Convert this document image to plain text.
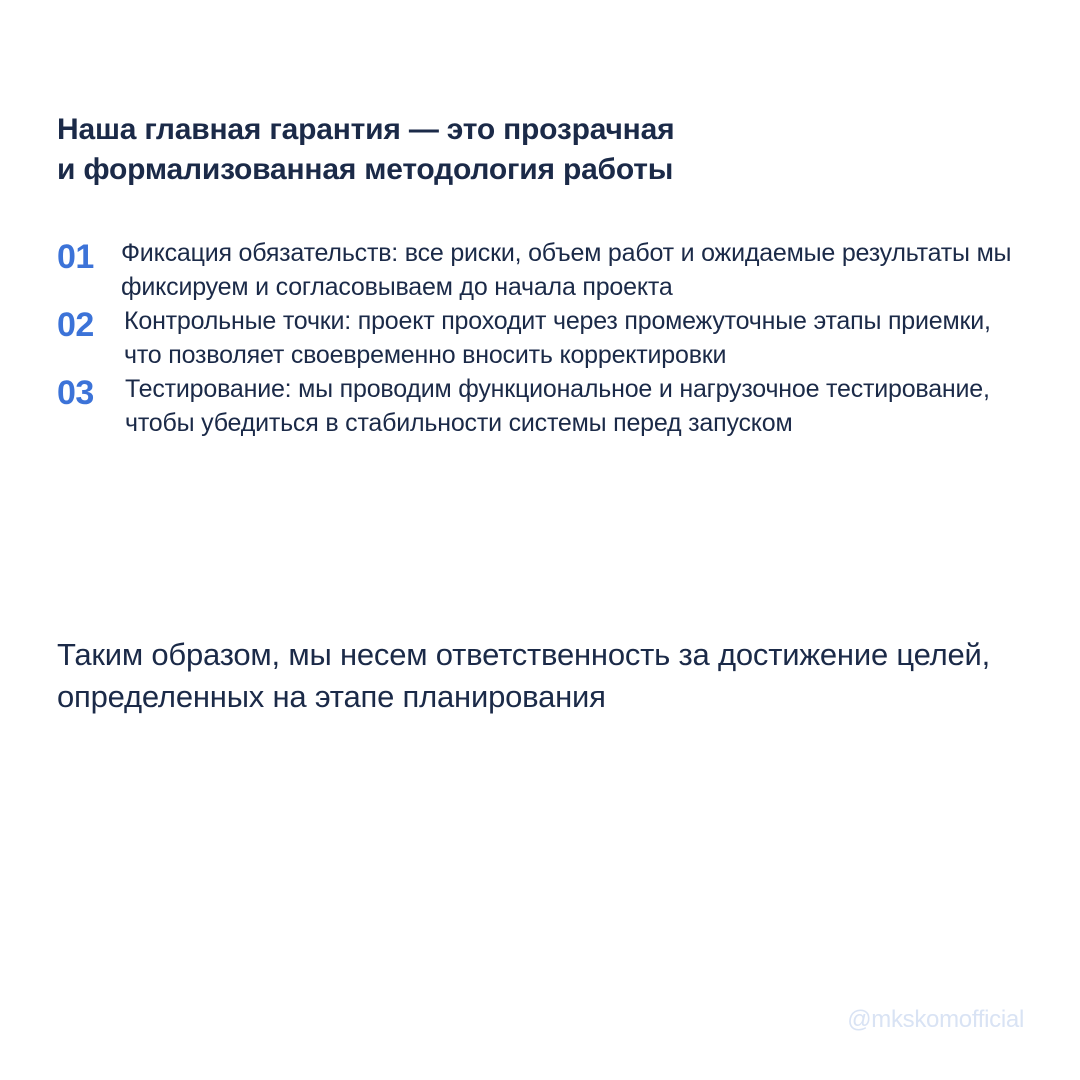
Наша главная гарантия — это прозрачная
и формализованная методология работы
01 Фиксация обязательств: все риски, объем работ и ожидаемые результаты мы фиксируем и согласовываем до начала проекта
02 Контрольные точки: проект проходит через промежуточные этапы приемки, что позволяет своевременно вносить корректировки
03 Тестирование: мы проводим функциональное и нагрузочное тестирование, чтобы убедиться в стабильности системы перед запуском

Таким образом, мы несем ответственность за достижение целей, определенных на этапе планирования

@mkskomofficial
